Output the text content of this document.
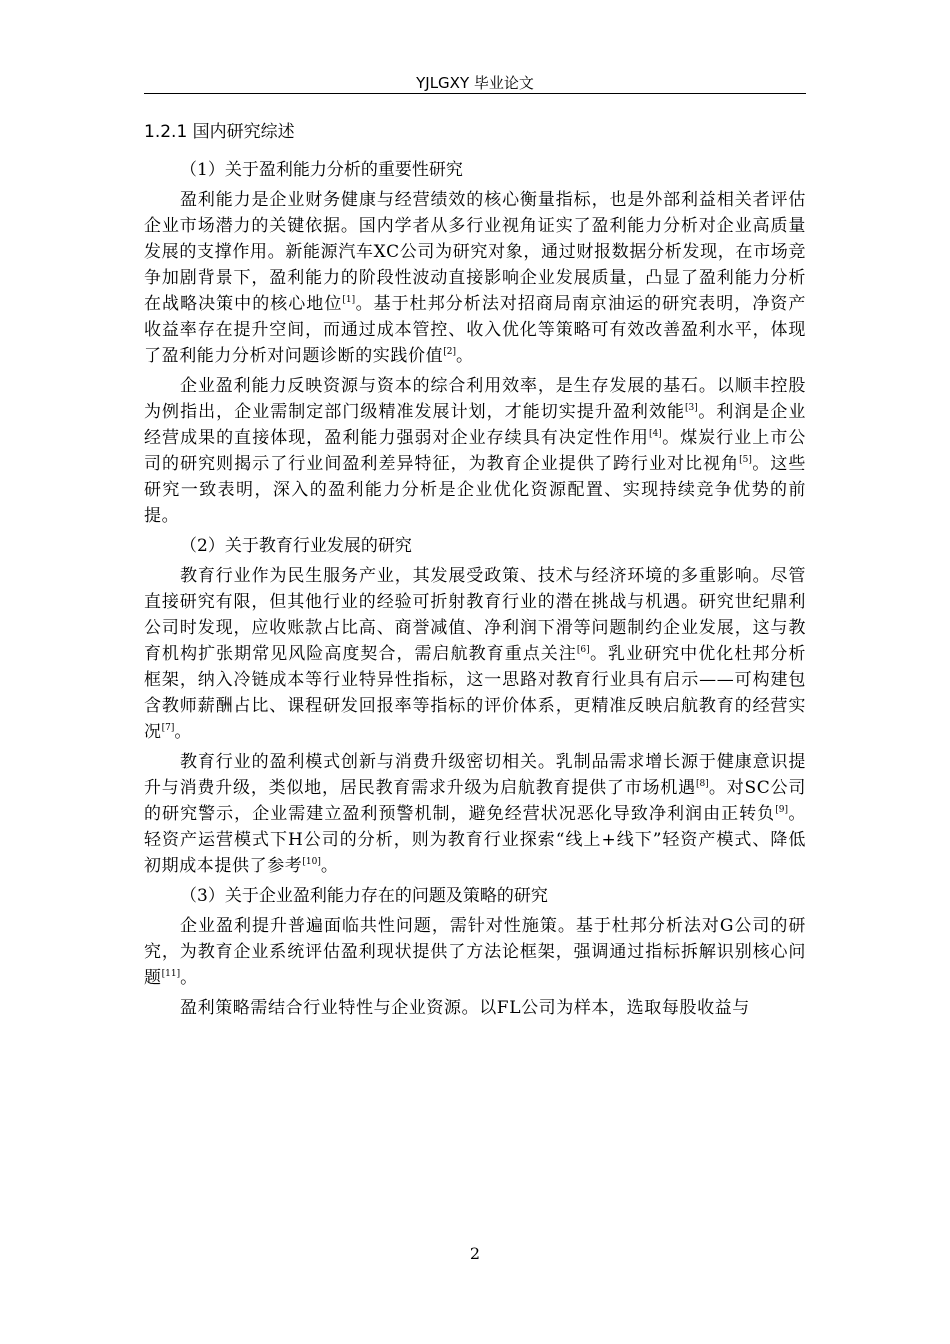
YJLGXY 毕业论文
1.2.1 国内研究综述
（1）关于盈利能力分析的重要性研究

盈利能力是企业财务健康与经营绩效的核心衡量指标，也是外部利益相关者评估企业市场潜力的关键依据。国内学者从多行业视角证实了盈利能力分析对企业高质量发展的支撑作用。新能源汽车XC公司为研究对象，通过财报数据分析发现，在市场竞争加剧背景下，盈利能力的阶段性波动直接影响企业发展质量，凸显了盈利能力分析在战略决策中的核心地位[1]。基于杜邦分析法对招商局南京油运的研究表明，净资产收益率存在提升空间，而通过成本管控、收入优化等策略可有效改善盈利水平，体现了盈利能力分析对问题诊断的实践价值[2]。

企业盈利能力反映资源与资本的综合利用效率，是生存发展的基石。以顺丰控股为例指出，企业需制定部门级精准发展计划，才能切实提升盈利效能[3]。利润是企业经营成果的直接体现，盈利能力强弱对企业存续具有决定性作用[4]。煤炭行业上市公司的研究则揭示了行业间盈利差异特征，为教育企业提供了跨行业对比视角[5]。这些研究一致表明，深入的盈利能力分析是企业优化资源配置、实现持续竞争优势的前提。

（2）关于教育行业发展的研究

教育行业作为民生服务产业，其发展受政策、技术与经济环境的多重影响。尽管直接研究有限，但其他行业的经验可折射教育行业的潜在挑战与机遇。研究世纪鼎利公司时发现，应收账款占比高、商誉减值、净利润下滑等问题制约企业发展，这与教育机构扩张期常见风险高度契合，需启航教育重点关注[6]。乳业研究中优化杜邦分析框架，纳入冷链成本等行业特异性指标，这一思路对教育行业具有启示——可构建包含教师薪酬占比、课程研发回报率等指标的评价体系，更精准反映启航教育的经营实况[7]。

教育行业的盈利模式创新与消费升级密切相关。乳制品需求增长源于健康意识提升与消费升级，类似地，居民教育需求升级为启航教育提供了市场机遇[8]。对SC公司的研究警示，企业需建立盈利预警机制，避免经营状况恶化导致净利润由正转负[9]。轻资产运营模式下H公司的分析，则为教育行业探索“线上+线下”轻资产模式、降低初期成本提供了参考[10]。

（3）关于企业盈利能力存在的问题及策略的研究

企业盈利提升普遍面临共性问题，需针对性施策。基于杜邦分析法对G公司的研究，为教育企业系统评估盈利现状提供了方法论框架，强调通过指标拆解识别核心问题[11]。

盈利策略需结合行业特性与企业资源。以FL公司为样本，选取每股收益与

2
